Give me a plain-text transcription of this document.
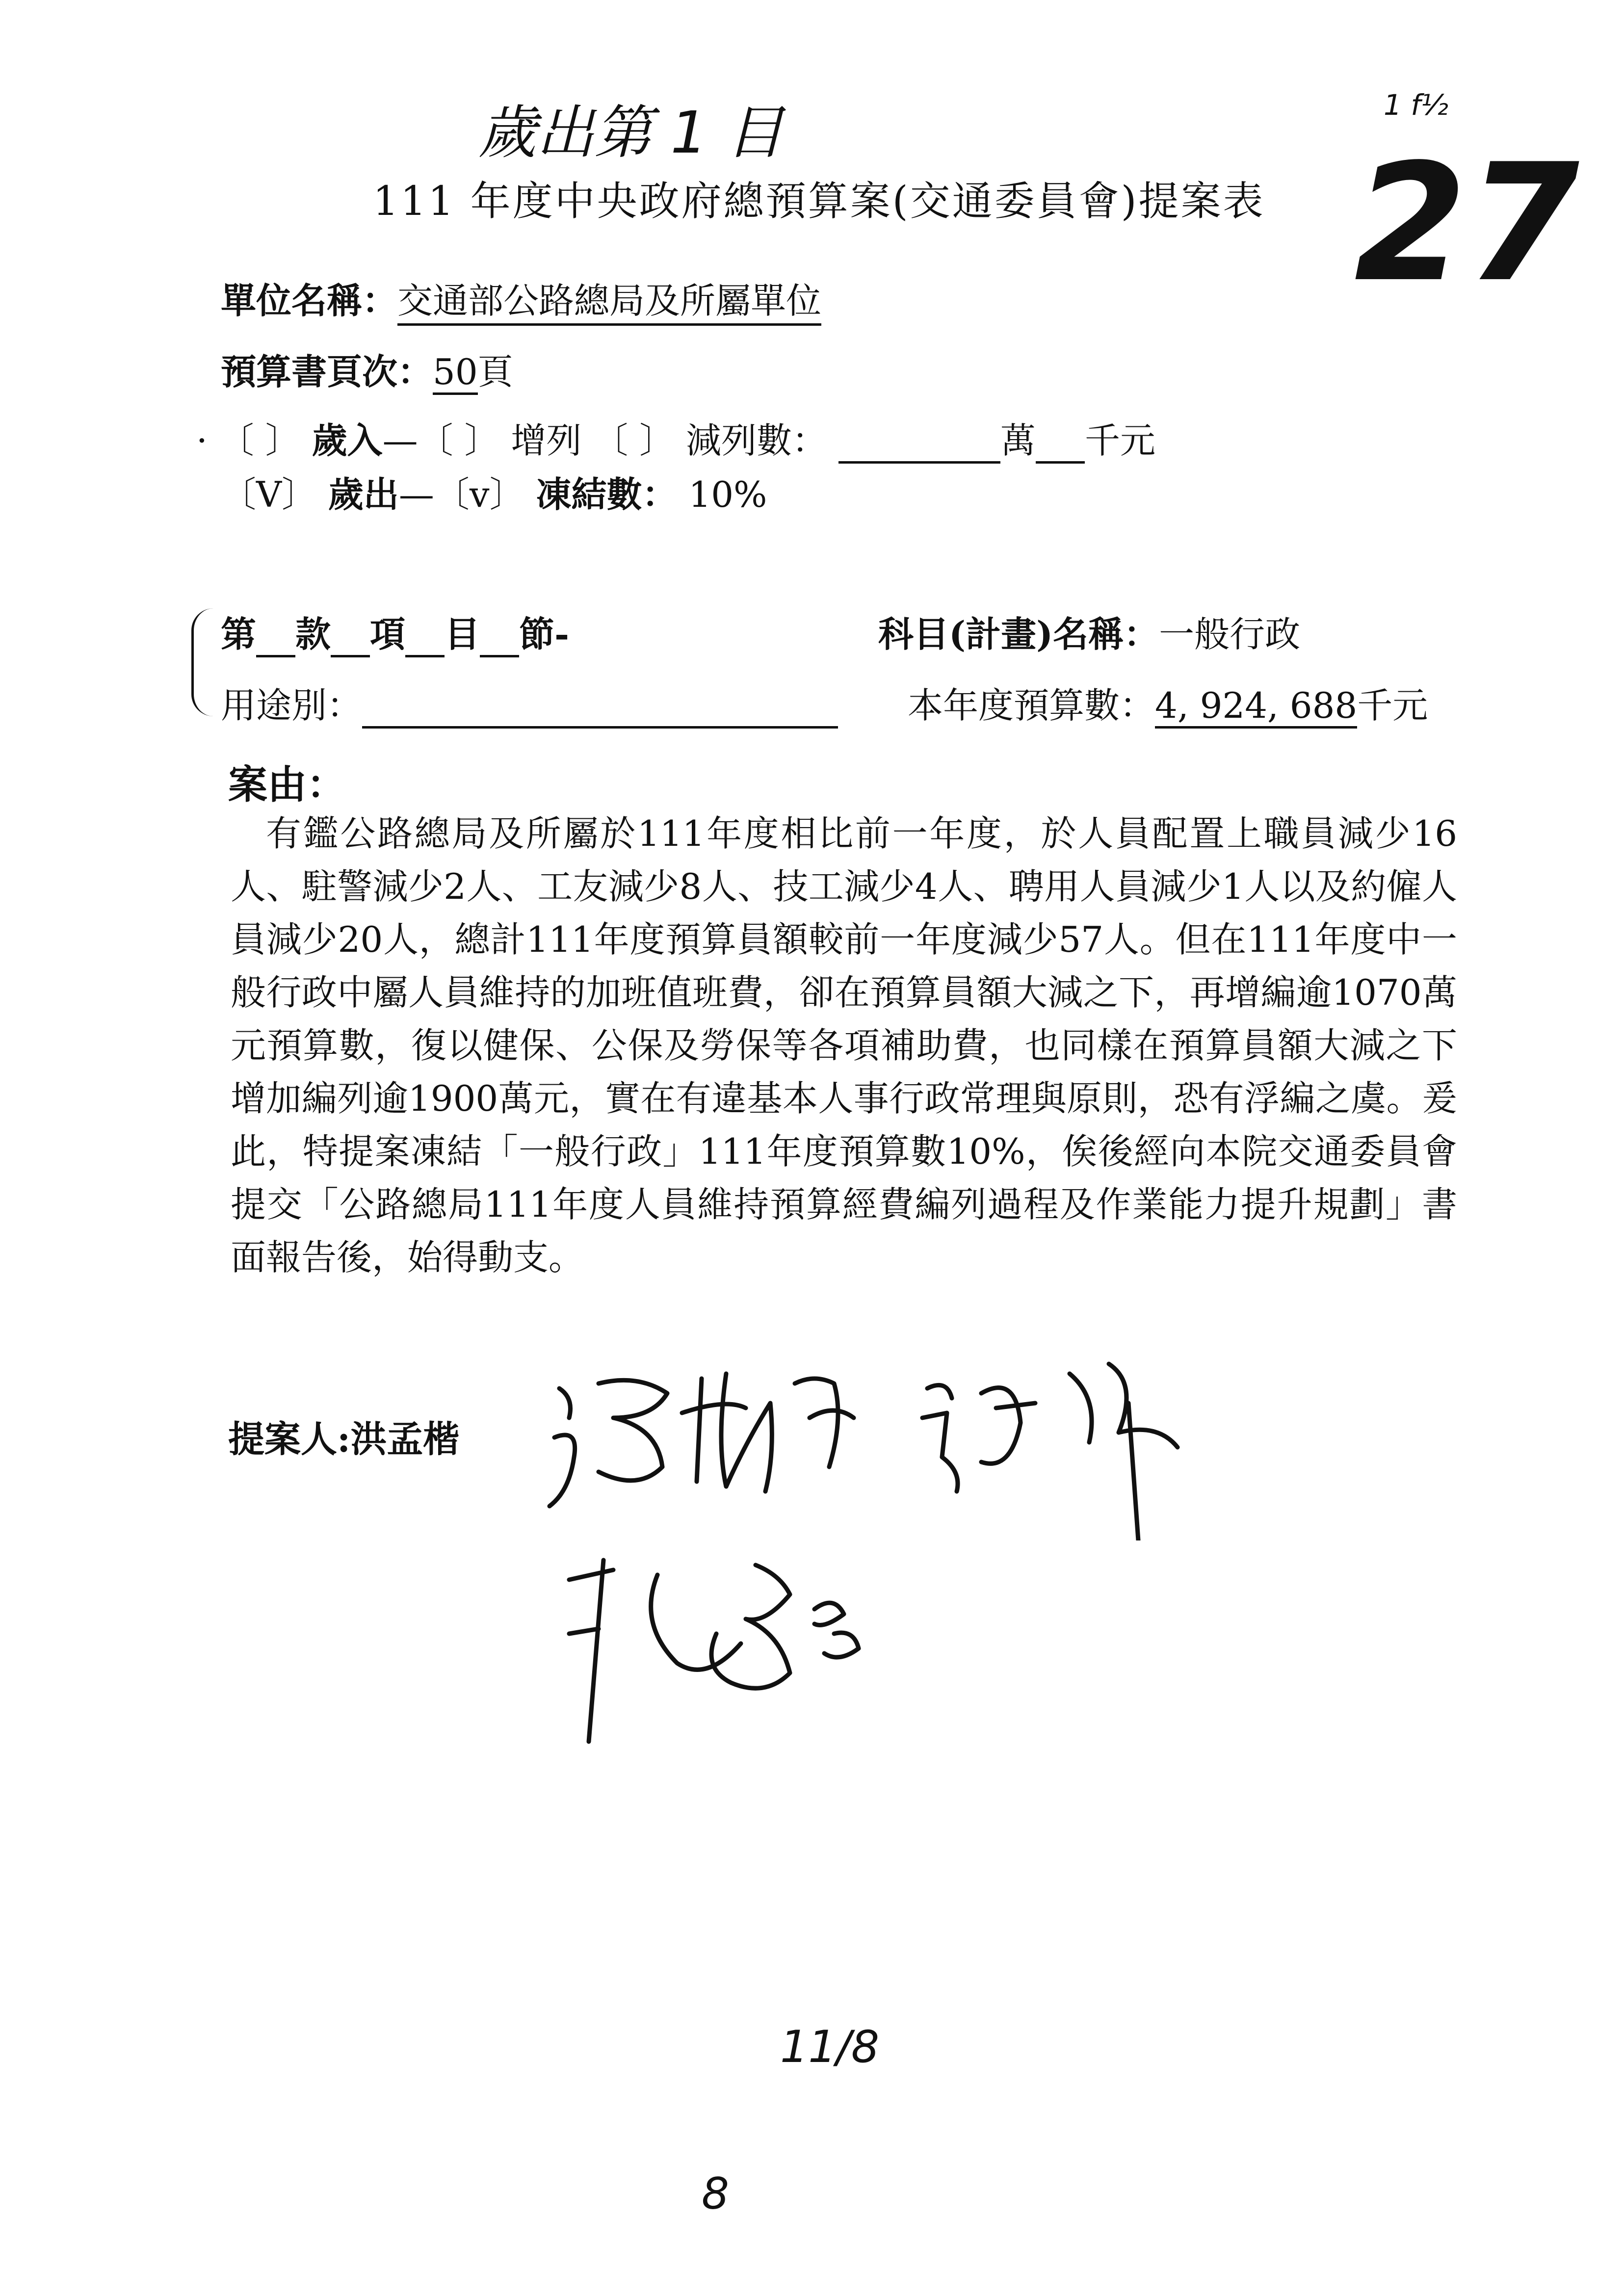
歲出第 1 目	1 f½
27
111 年度中央政府總預算案(交通委員會)提案表
單位名稱：交通部公路總局及所屬單位
預算書頁次：50頁
· 〔 〕 歲入—〔 〕 增列 〔 〕 減列數：	萬 千元
〔V〕 歲出—〔v〕 凍結數： 10%
第 款 項 目 節-	科目(計畫)名稱：一般行政
用途別：	本年度預算數：4, 924, 688千元
案由：
有鑑公路總局及所屬於111年度相比前一年度，於人員配置上職員減少16人、駐警減少2人、工友減少8人、技工減少4人、聘用人員減少1人以及約僱人員減少20人，總計111年度預算員額較前一年度減少57人。但在111年度中一般行政中屬人員維持的加班值班費，卻在預算員額大減之下，再增編逾1070萬元預算數，復以健保、公保及勞保等各項補助費，也同樣在預算員額大減之下增加編列逾1900萬元，實在有違基本人事行政常理與原則，恐有浮編之虞。爰此，特提案凍結「一般行政」111年度預算數10%，俟後經向本院交通委員會提交「公路總局111年度人員維持預算經費編列過程及作業能力提升規劃」書面報告後，始得動支。
提案人:洪孟楷
11/8
8
